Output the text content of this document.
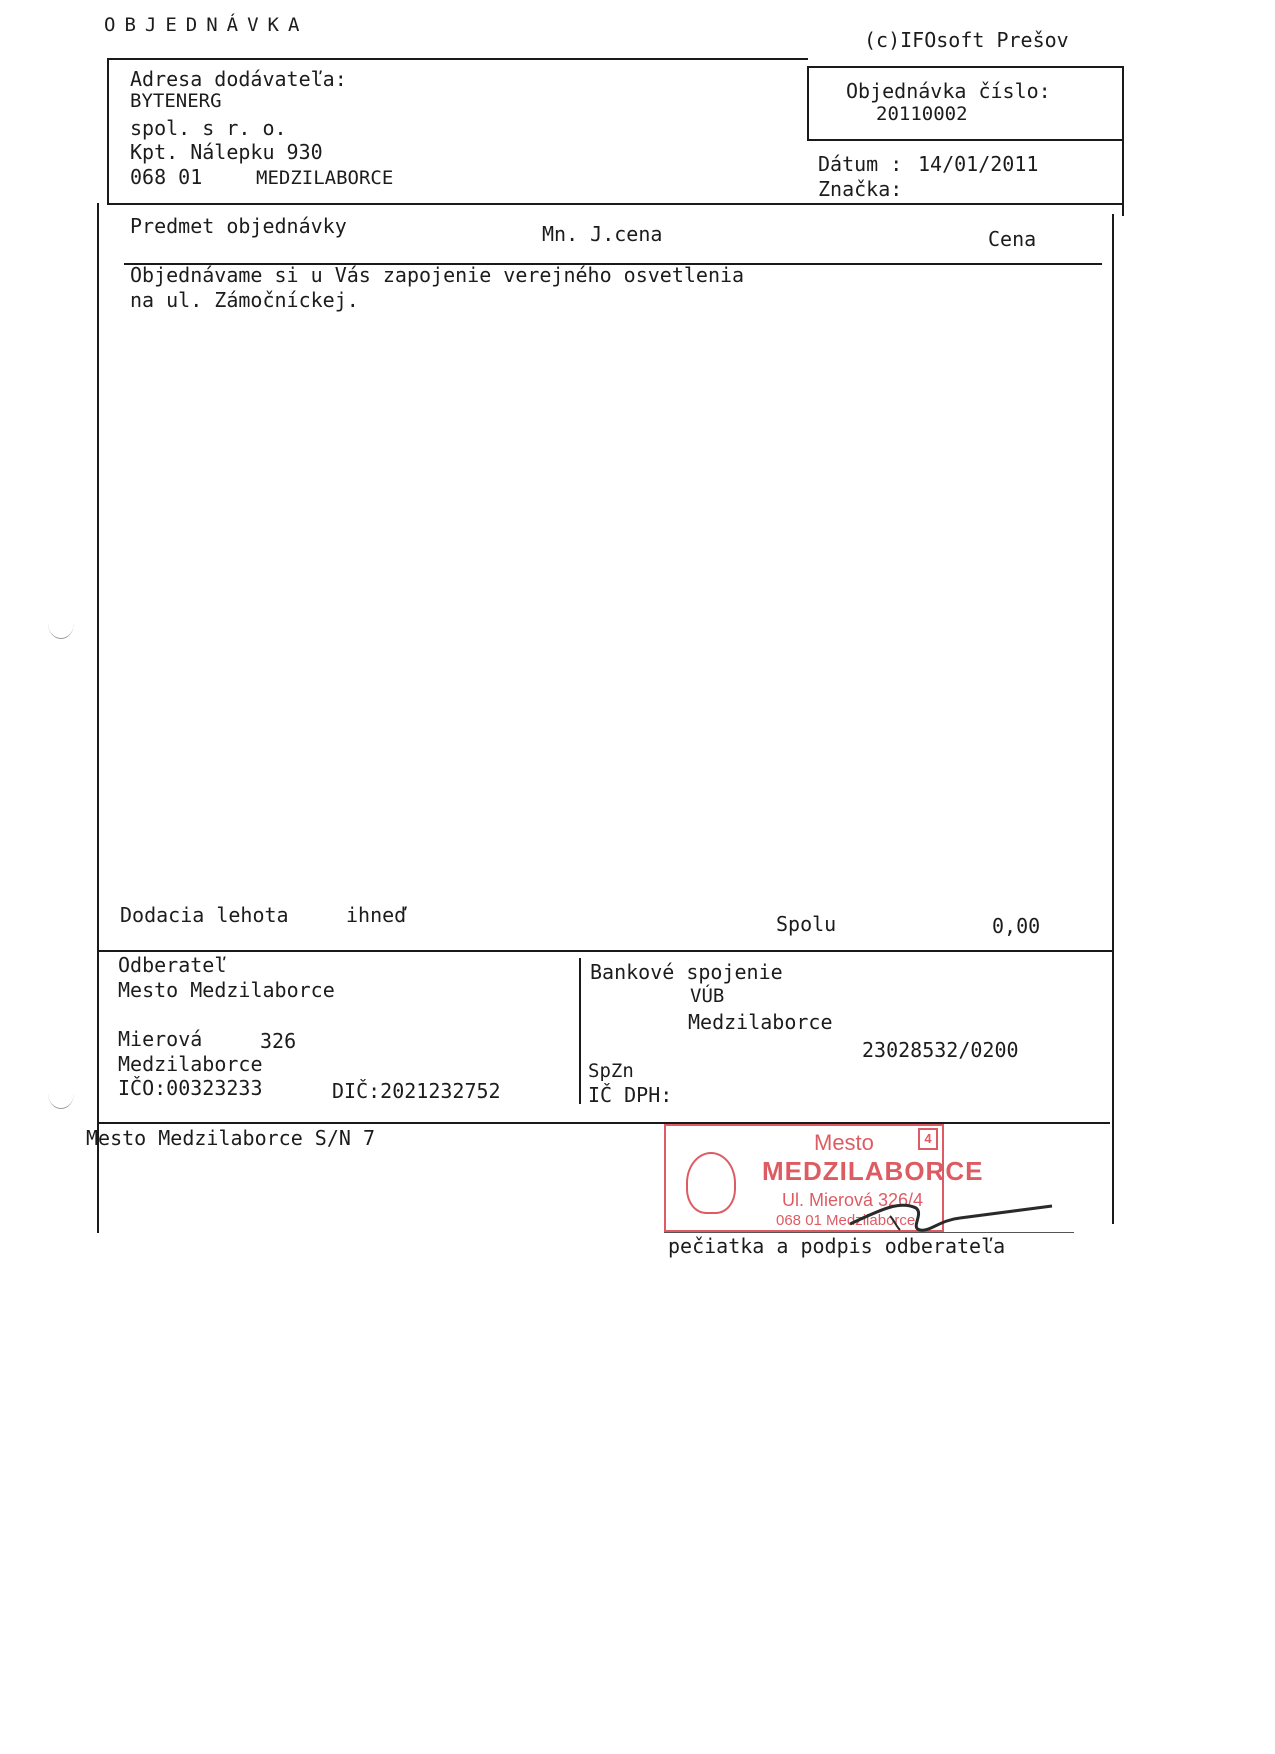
OBJEDNÁVKA
(c)IFOsoft Prešov
Adresa dodávateľa:
BYTENERG
spol. s r. o.
Kpt. Nálepku 930
068 01	MEDZILABORCE
Objednávka číslo:
20110002
Dátum : 14/01/2011
Značka:
Predmet objednávky	Mn. J.cena	Cena
Objednávame si u Vás zapojenie verejného osvetlenia
na ul. Zámočníckej.
Dodacia lehota	ihneď	Spolu	0,00
Odberateľ
Mesto Medzilaborce
Mierová	326
Medzilaborce
IČO:00323233	DIČ:2021232752
Bankové spojenie
VÚB
Medzilaborce
23028532/0200
SpZn
IČ DPH:
Mesto Medzilaborce S/N 7	4
Mesto
MEDZILABORCE
Ul. Mierová 326/4
068 01 Medzilaborce
pečiatka a podpis odberateľa
